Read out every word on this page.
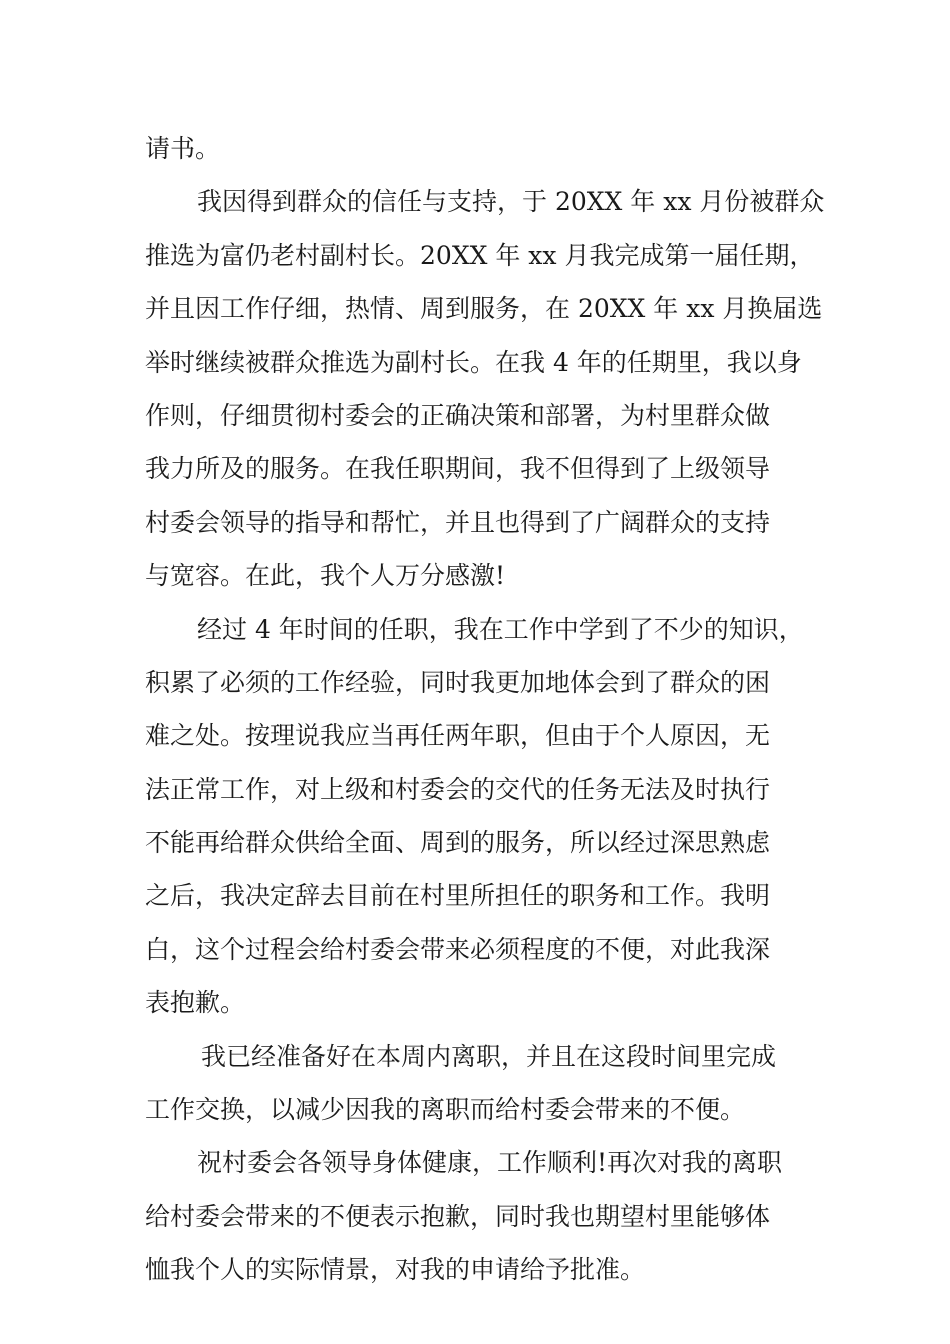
请书。
我因得到群众的信任与支持，于 20XX 年 xx 月份被群众
推选为富仍老村副村长。20XX 年 xx 月我完成第一届任期，
并且因工作仔细，热情、周到服务，在 20XX 年 xx 月换届选
举时继续被群众推选为副村长。在我 4 年的任期里，我以身
作则，仔细贯彻村委会的正确决策和部署，为村里群众做
我力所及的服务。在我任职期间，我不但得到了上级领导
村委会领导的指导和帮忙，并且也得到了广阔群众的支持
与宽容。在此，我个人万分感激!
经过 4 年时间的任职，我在工作中学到了不少的知识，
积累了必须的工作经验，同时我更加地体会到了群众的困
难之处。按理说我应当再任两年职，但由于个人原因，无
法正常工作，对上级和村委会的交代的任务无法及时执行
不能再给群众供给全面、周到的服务，所以经过深思熟虑
之后，我决定辞去目前在村里所担任的职务和工作。我明
白，这个过程会给村委会带来必须程度的不便，对此我深
表抱歉。
我已经准备好在本周内离职，并且在这段时间里完成
工作交换，以减少因我的离职而给村委会带来的不便。
祝村委会各领导身体健康，工作顺利!再次对我的离职
给村委会带来的不便表示抱歉，同时我也期望村里能够体
恤我个人的实际情景，对我的申请给予批准。
